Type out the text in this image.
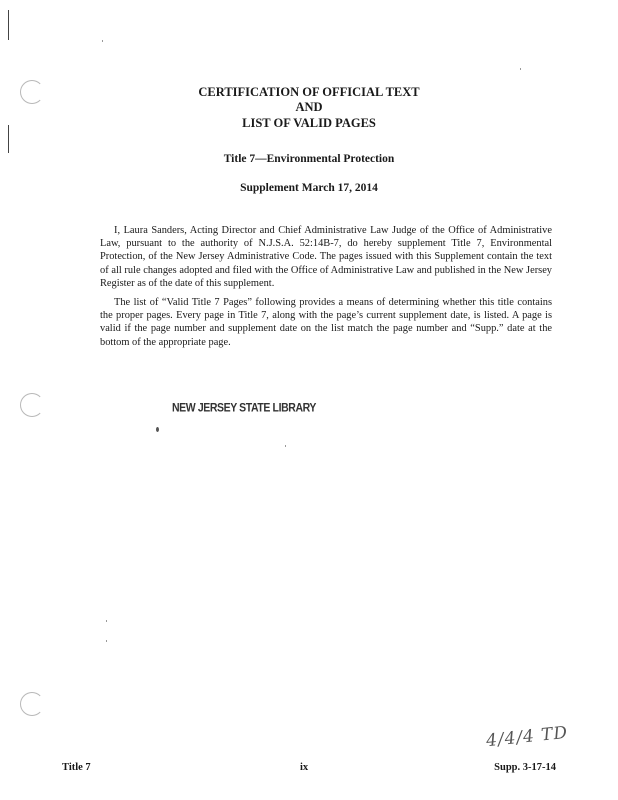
CERTIFICATION OF OFFICIAL TEXT
AND
LIST OF VALID PAGES
Title 7—Environmental Protection
Supplement March 17, 2014

I, Laura Sanders, Acting Director and Chief Administrative Law Judge of the Office of Administrative Law, pursuant to the authority of N.J.S.A. 52:14B-7, do hereby supplement Title 7, Environmental Protection, of the New Jersey Administrative Code. The pages issued with this Supplement contain the text of all rule changes adopted and filed with the Office of Administrative Law and published in the New Jersey Register as of the date of this supplement.

The list of “Valid Title 7 Pages” following provides a means of determining whether this title contains the proper pages. Every page in Title 7, along with the page’s current supplement date, is listed. A page is valid if the page number and supplement date on the list match the page number and “Supp.” date at the bottom of the appropriate page.

NEW JERSEY STATE LIBRARY
4/4/4 TD
Title 7	ix	Supp. 3-17-14
